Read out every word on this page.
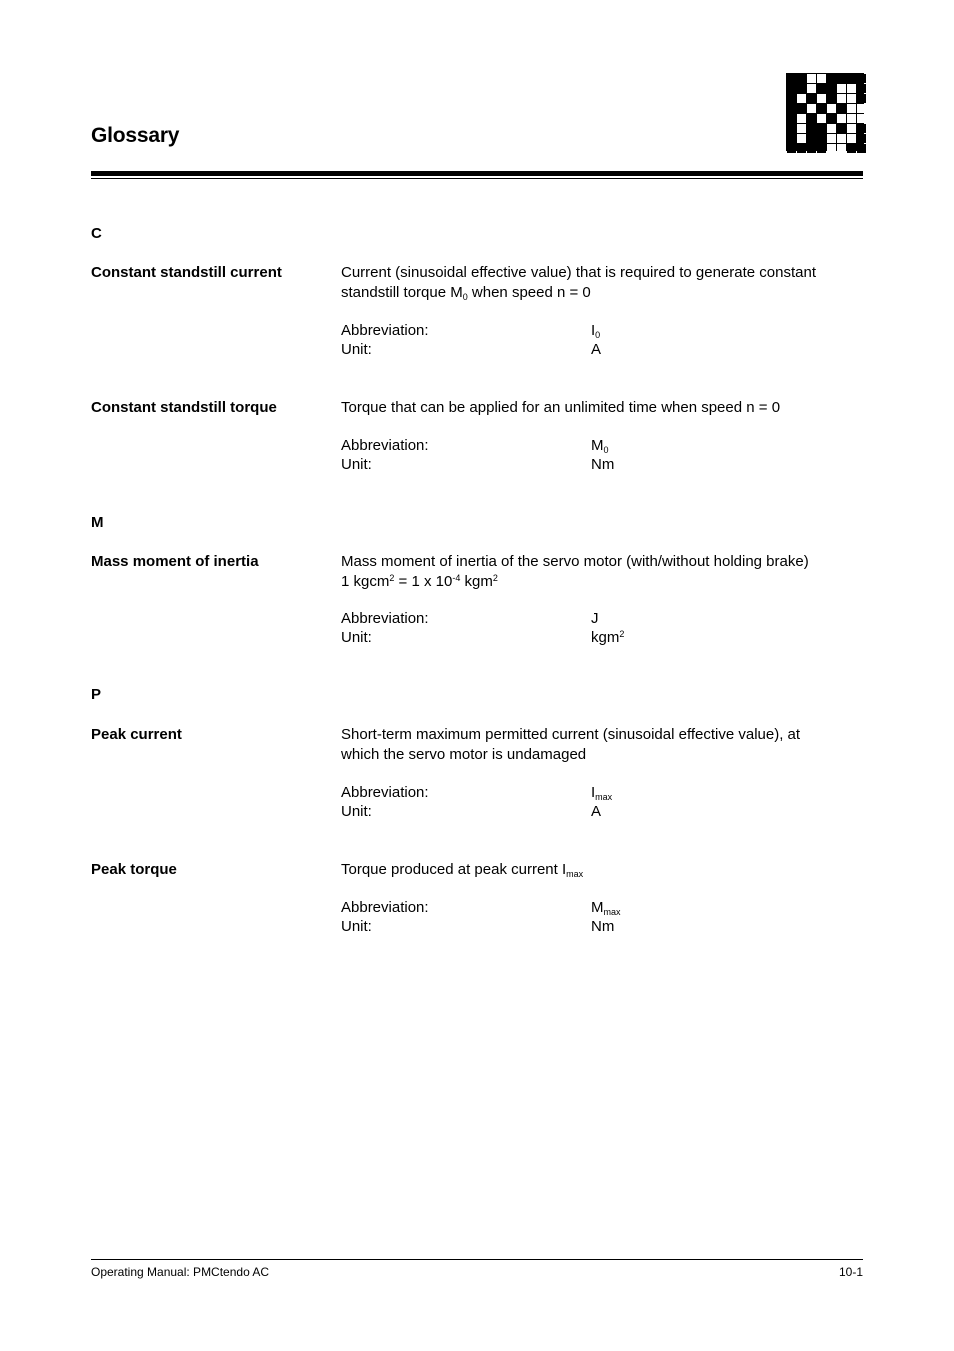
Glossary
C
Constant standstill current	Current (sinusoidal effective value) that is required to generate constant
standstill torque $M_0$ when speed n = 0
Abbreviation:	$I_0$
Unit:	A
Constant standstill torque	Torque that can be applied for an unlimited time when speed n = 0
Abbreviation:	$M_0$
Unit:	Nm
M
Mass moment of inertia	Mass moment of inertia of the servo motor (with/without holding brake)
1 kgcm$^2$ = 1 x $10^{-4}$ kgm$^2$
Abbreviation:	J
Unit:	kgm$^2$
P
Peak current	Short-term maximum permitted current (sinusoidal effective value), at
which the servo motor is undamaged
Abbreviation:	$I_{max}$
Unit:	A
Peak torque	Torque produced at peak current $I_{max}$
Abbreviation:	$M_{max}$
Unit:	Nm
Operating Manual: PMCtendo AC	10-1
